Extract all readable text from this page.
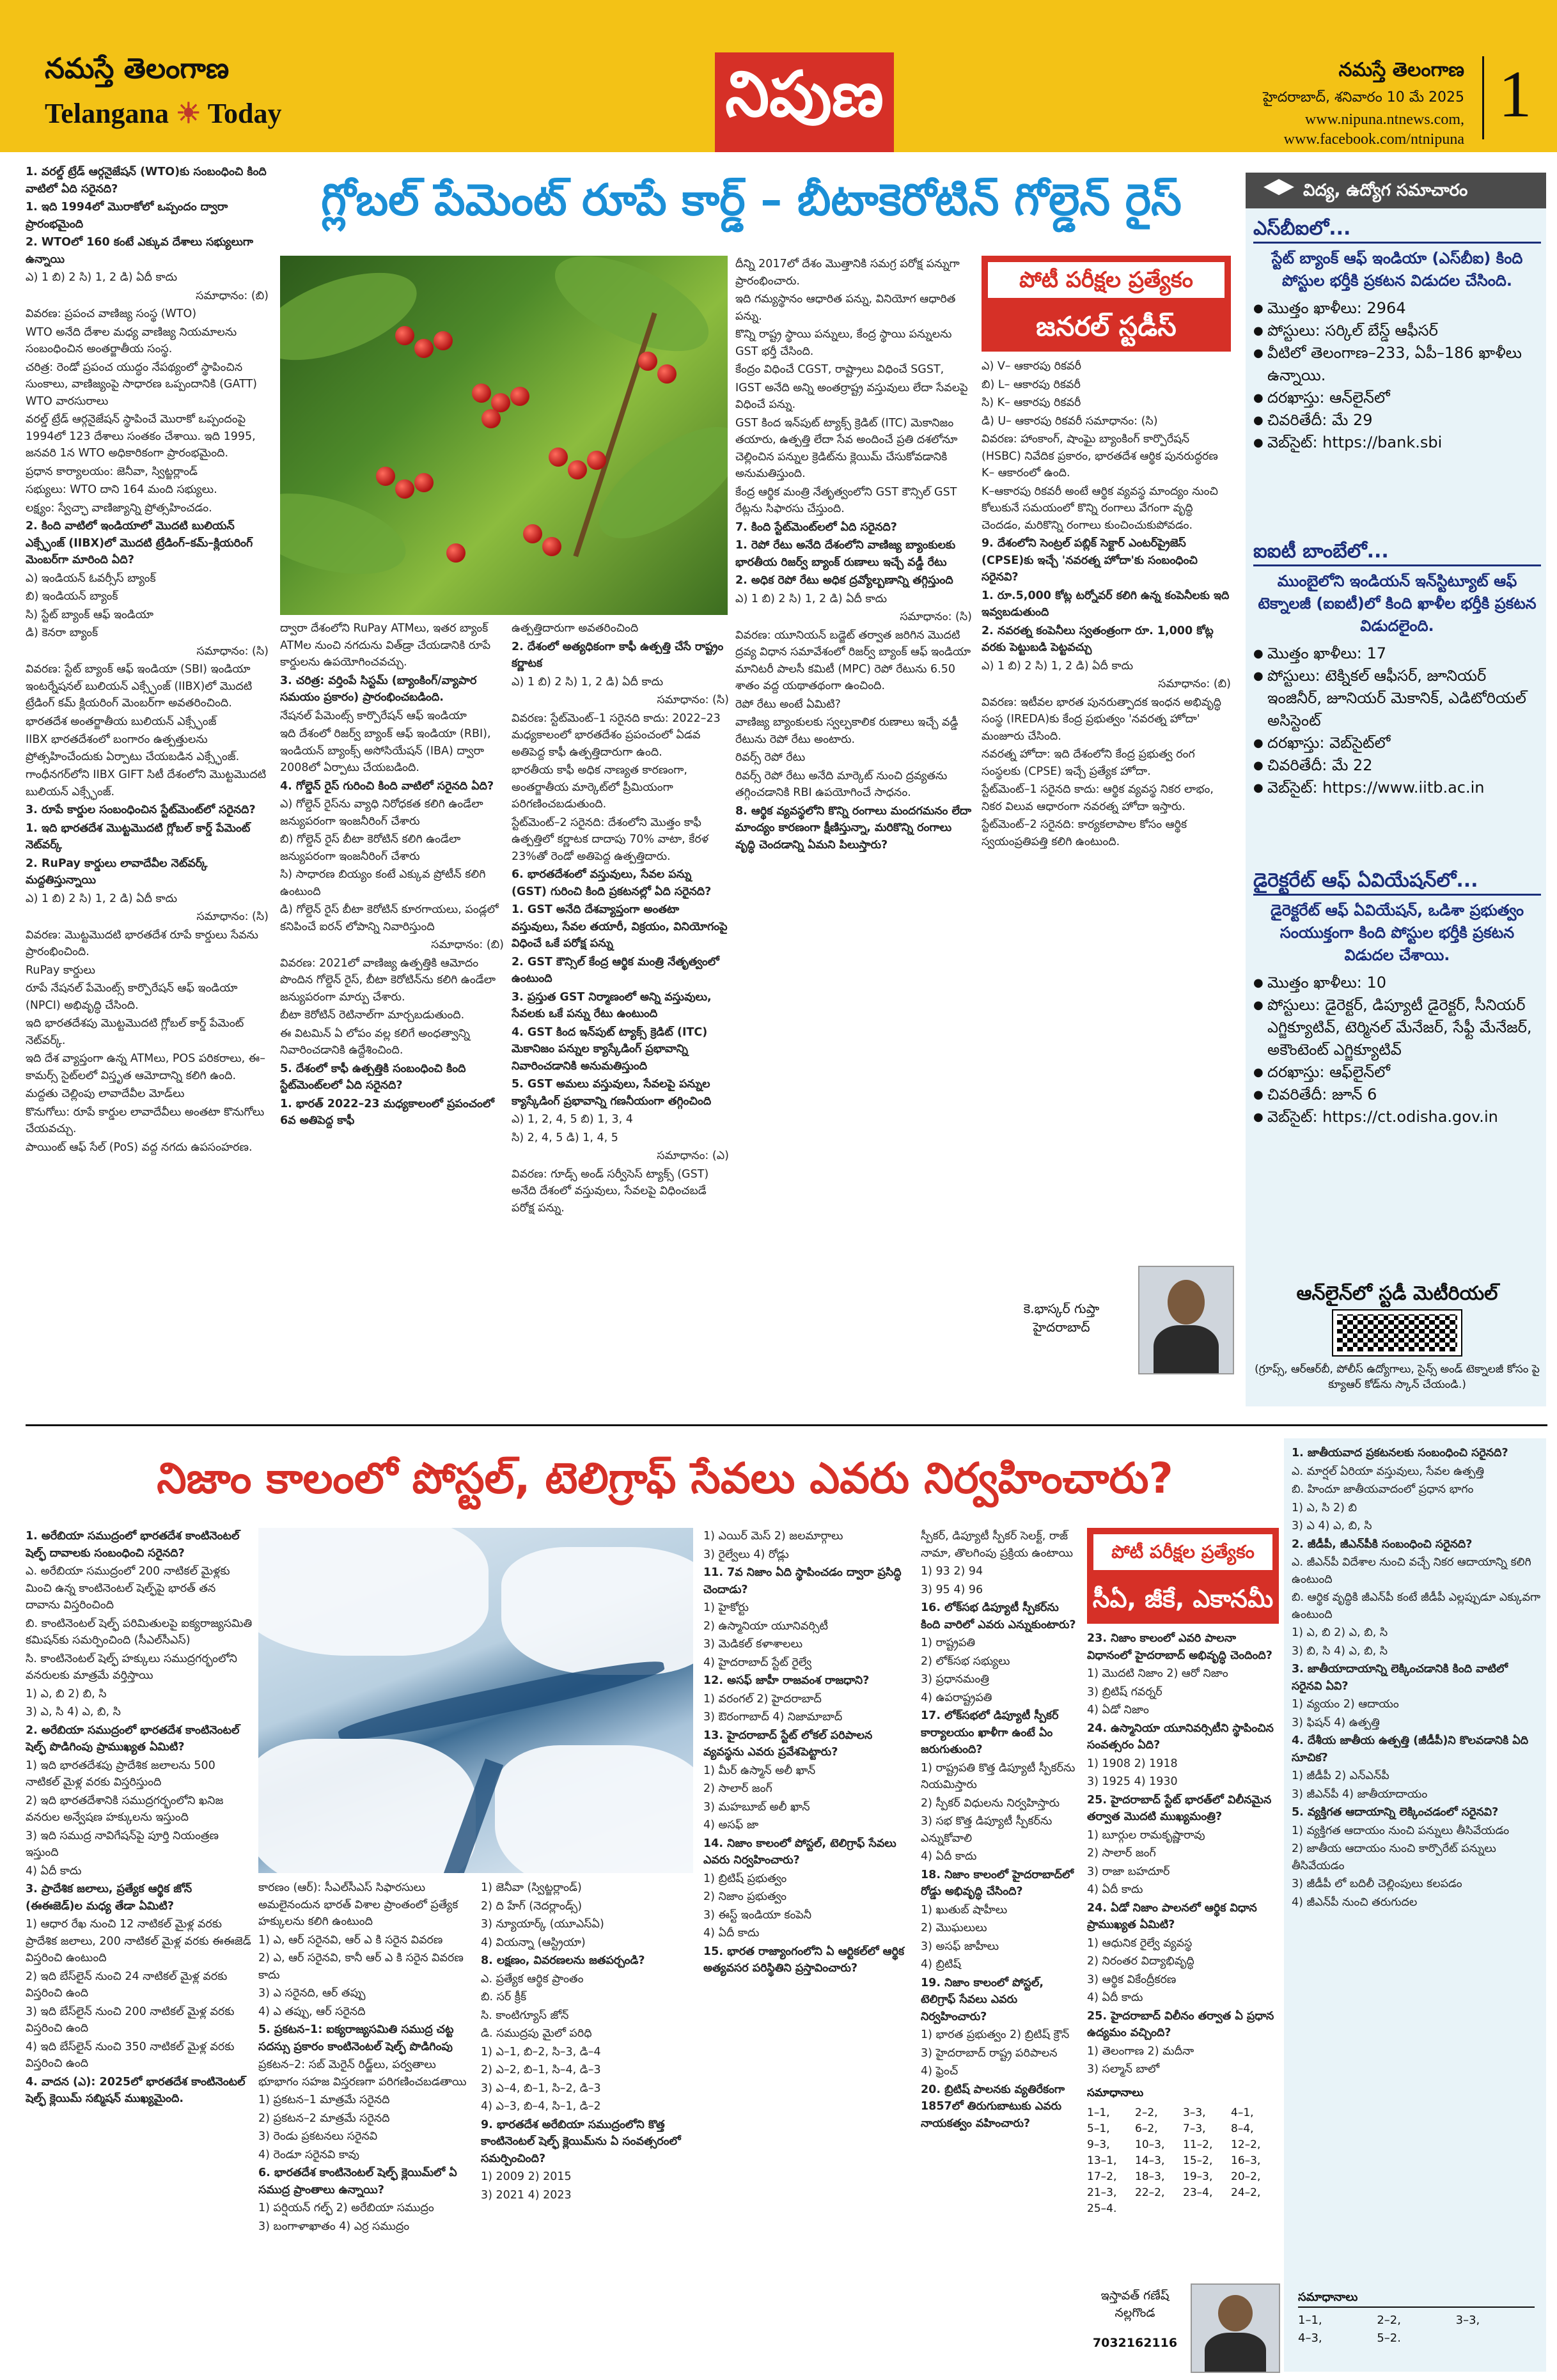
నమస్తే తెలంగాణ
Telangana ☀ Today	నిపుణ	నమస్తే తెలంగాణ
హైదరాబాద్, శనివారం 10 మే 2025
www.nipuna.ntnews.com,
www.facebook.com/ntnipuna
1
గ్లోబల్ పేమెంట్ రూపే కార్డ్ – బీటాకెరోటిన్ గోల్డెన్ రైస్

1. వరల్డ్ ట్రేడ్ ఆర్గనైజేషన్ (WTO)కు సంబంధించి కింది వాటిలో ఏది సరైనది?

1. ఇది 1994లో మొరాకోలో ఒప్పందం ద్వారా ప్రారంభమైంది

2. WTOలో 160 కంటే ఎక్కువ దేశాలు సభ్యులుగా ఉన్నాయి

ఎ) 1 బి) 2 సి) 1, 2 డి) ఏదీ కాదు

సమాధానం: (బి)

వివరణ: ప్రపంచ వాణిజ్య సంస్థ (WTO)

WTO అనేది దేశాల మధ్య వాణిజ్య నియమాలను సంబంధించిన అంతర్జాతీయ సంస్థ.

చరిత్ర: రెండో ప్రపంచ యుద్ధం నేపథ్యంలో స్థాపించిన సుంకాలు, వాణిజ్యంపై సాధారణ ఒప్పందానికి (GATT) WTO వారసురాలు

వరల్డ్ ట్రేడ్ ఆర్గనైజేషన్ స్థాపించే మొరాకో ఒప్పందంపై 1994లో 123 దేశాలు సంతకం చేశాయి. ఇది 1995, జనవరి 1న WTO అధికారికంగా ప్రారంభమైంది.

ప్రధాన కార్యాలయం: జెనీవా, స్విట్జర్లాండ్

సభ్యులు: WTO దాని 164 మంది సభ్యులు.

లక్ష్యం: స్వేచ్ఛా వాణిజ్యాన్ని ప్రోత్సహించడం.

2. కింది వాటిలో ఇండియాలో మొదటి బులియన్ ఎక్స్ఛేంజ్ (IIBX)లో మొదటి ట్రేడింగ్–కమ్–క్లియరింగ్ మెంబర్‌గా మారింది ఏది?

ఎ) ఇండియన్ ఓవర్సీస్ బ్యాంక్

బి) ఇండియన్ బ్యాంక్

సి) స్టేట్ బ్యాంక్ ఆఫ్ ఇండియా

డి) కెనరా బ్యాంక్

సమాధానం: (సి)

వివరణ: స్టేట్ బ్యాంక్ ఆఫ్ ఇండియా (SBI) ఇండియా ఇంటర్నేషనల్ బులియన్ ఎక్స్ఛేంజ్ (IIBX)లో మొదటి ట్రేడింగ్ కమ్ క్లియరింగ్ మెంబర్‌గా అవతరించింది.

భారతదేశ అంతర్జాతీయ బులియన్ ఎక్స్ఛేంజ్

IIBX భారతదేశంలో బంగారం ఉత్పత్తులను ప్రోత్సహించేందుకు ఏర్పాటు చేయబడిన ఎక్స్ఛేంజ్.

గాంధీనగర్‌లోని IIBX GIFT సిటీ దేశంలోని మొట్టమొదటి బులియన్ ఎక్స్ఛేంజ్.

3. రూపే కార్డుల సంబంధించిన స్టేట్‌మెంట్‌లో సరైనది?

1. ఇది భారతదేశ మొట్టమొదటి గ్లోబల్ కార్డ్ పేమెంట్ నెట్‌వర్క్

2. RuPay కార్డులు లావాదేవీల నెట్‌వర్క్ మద్దతిస్తున్నాయి

ఎ) 1 బి) 2 సి) 1, 2 డి) ఏదీ కాదు

సమాధానం: (సి)

వివరణ: మొట్టమొదటి భారతదేశ రూపే కార్డులు సేవను ప్రారంభించింది.

RuPay కార్డులు

రూపే నేషనల్ పేమెంట్స్ కార్పొరేషన్ ఆఫ్ ఇండియా (NPCI) అభివృద్ధి చేసింది.

ఇది భారతదేశపు మొట్టమొదటి గ్లోబల్ కార్డ్ పేమెంట్ నెట్‌వర్క్.

ఇది దేశ వ్యాప్తంగా ఉన్న ATMలు, POS పరికరాలు, ఈ–కామర్స్ సైట్‌లలో విస్తృత ఆమోదాన్ని కలిగి ఉంది.

మద్దతు చెల్లింపు లావాదేవీల మోడ్‌లు

కొనుగోలు: రూపే కార్డుల లావాదేవీలు అంతటా కొనుగోలు చేయవచ్చు.

పాయింట్ ఆఫ్ సేల్ (PoS) వద్ద నగదు ఉపసంహరణ.

ద్వారా దేశంలోని RuPay ATMలు, ఇతర బ్యాంక్ ATMల నుంచి నగదును విత్‌డ్రా చేయడానికి రూపే కార్డులను ఉపయోగించవచ్చు.

3. చరిత్ర: వర్తింపే సిస్టమ్ (బ్యాంకింగ్/వ్యాపార సమయం ప్రకారం) ప్రారంభించబడింది.

నేషనల్ పేమెంట్స్ కార్పొరేషన్ ఆఫ్ ఇండియా

ఇది దేశంలో రిజర్వ్ బ్యాంక్ ఆఫ్ ఇండియా (RBI), ఇండియన్ బ్యాంక్స్ అసోసియేషన్ (IBA) ద్వారా 2008లో ఏర్పాటు చేయబడింది.

4. గోల్డెన్ రైస్ గురించి కింది వాటిలో సరైనది ఏది?

ఎ) గోల్డెన్ రైస్‌ను వ్యాధి నిరోధకత కలిగి ఉండేలా జన్యుపరంగా ఇంజనీరింగ్ చేశారు

బి) గోల్డెన్ రైస్ బీటా కెరోటిన్ కలిగి ఉండేలా జన్యుపరంగా ఇంజనీరింగ్ చేశారు

సి) సాధారణ బియ్యం కంటే ఎక్కువ ప్రోటీన్ కలిగి ఉంటుంది

డి) గోల్డెన్ రైస్ బీటా కెరోటిన్ కూరగాయలు, పండ్లలో కనిపించే ఐరన్ లోపాన్ని నివారిస్తుంది

సమాధానం: (బి)

వివరణ: 2021లో వాణిజ్య ఉత్పత్తికి ఆమోదం పొందిన గోల్డెన్ రైస్, బీటా కెరోటిన్‌ను కలిగి ఉండేలా జన్యుపరంగా మార్పు చేశారు.

బీటా కెరోటిన్ రెటినాల్‌గా మార్చబడుతుంది.

ఈ విటమిన్ ఏ లోపం వల్ల కలిగే అంధత్వాన్ని నివారించడానికి ఉద్దేశించింది.

5. దేశంలో కాఫీ ఉత్పత్తికి సంబంధించి కింది స్టేట్‌మెంట్‌లలో ఏది సరైనది?

1. భారత్ 2022–23 మధ్యకాలంలో ప్రపంచంలో 6వ అతిపెద్ద కాఫీ

ఉత్పత్తిదారుగా అవతరించింది

2. దేశంలో అత్యధికంగా కాఫీ ఉత్పత్తి చేసే రాష్ట్రం కర్ణాటక

ఎ) 1 బి) 2 సి) 1, 2 డి) ఏదీ కాదు

సమాధానం: (సి)

వివరణ: స్టేట్‌మెంట్–1 సరైనది కాదు: 2022–23 మధ్యకాలంలో భారతదేశం ప్రపంచంలో ఏడవ అతిపెద్ద కాఫీ ఉత్పత్తిదారుగా ఉంది.

భారతీయ కాఫీ అధిక నాణ్యత కారణంగా, అంతర్జాతీయ మార్కెట్‌లో ప్రీమియంగా పరిగణించబడుతుంది.

స్టేట్‌మెంట్–2 సరైనది: దేశంలోని మొత్తం కాఫీ ఉత్పత్తిలో కర్ణాటక దాదాపు 70% వాటా, కేరళ 23%తో రెండో అతిపెద్ద ఉత్పత్తిదారు.

6. భారతదేశంలో వస్తువులు, సేవల పన్ను (GST) గురించి కింది ప్రకటనల్లో ఏది సరైనది?

1. GST అనేది దేశవ్యాప్తంగా అంతటా వస్తువులు, సేవల తయారీ, విక్రయం, వినియోగంపై విధించే ఒకే పరోక్ష పన్ను

2. GST కౌన్సిల్ కేంద్ర ఆర్థిక మంత్రి నేతృత్వంలో ఉంటుంది

3. ప్రస్తుత GST నిర్మాణంలో అన్ని వస్తువులు, సేవలకు ఒకే పన్ను రేటు ఉంటుంది

4. GST కింద ఇన్‌పుట్ ట్యాక్స్ క్రెడిట్ (ITC) మెకానిజం పన్నుల క్యాస్కేడింగ్ ప్రభావాన్ని నివారించడానికి అనుమతిస్తుంది

5. GST అమలు వస్తువులు, సేవలపై పన్నుల క్యాస్కేడింగ్ ప్రభావాన్ని గణనీయంగా తగ్గించింది

ఎ) 1, 2, 4, 5 బి) 1, 3, 4

సి) 2, 4, 5 డి) 1, 4, 5

సమాధానం: (ఎ)

వివరణ: గూడ్స్ అండ్ సర్వీసెస్ ట్యాక్స్ (GST) అనేది దేశంలో వస్తువులు, సేవలపై విధించబడే పరోక్ష పన్ను.

దీన్ని 2017లో దేశం మొత్తానికి సమగ్ర పరోక్ష పన్నుగా ప్రారంభించారు.

ఇది గమ్యస్థానం ఆధారిత పన్ను, వినియోగ ఆధారిత పన్ను.

కొన్ని రాష్ట్ర స్థాయి పన్నులు, కేంద్ర స్థాయి పన్నులను GST భర్తీ చేసింది.

కేంద్రం విధించే CGST, రాష్ట్రాలు విధించే SGST,

IGST అనేది అన్ని అంతర్రాష్ట్ర వస్తువులు లేదా సేవలపై విధించే పన్ను.

GST కింద ఇన్‌పుట్ ట్యాక్స్ క్రెడిట్ (ITC) మెకానిజం తయారు, ఉత్పత్తి లేదా సేవ అందించే ప్రతి దశలోనూ చెల్లించిన పన్నుల క్రెడిట్‌ను క్లెయిమ్ చేసుకోవడానికి అనుమతిస్తుంది.

కేంద్ర ఆర్థిక మంత్రి నేతృత్వంలోని GST కౌన్సిల్ GST రేట్లను సిఫారసు చేస్తుంది.

7. కింది స్టేట్‌మెంట్‌లలో ఏది సరైనది?

1. రెపో రేటు అనేది దేశంలోని వాణిజ్య బ్యాంకులకు భారతీయ రిజర్వ్ బ్యాంక్ రుణాలు ఇచ్చే వడ్డీ రేటు

2. అధిక రెపో రేటు అధిక ద్రవ్యోల్బణాన్ని తగ్గిస్తుంది

ఎ) 1 బి) 2 సి) 1, 2 డి) ఏదీ కాదు

సమాధానం: (సి)

వివరణ: యూనియన్ బడ్జెట్ తర్వాత జరిగిన మొదటి ద్రవ్య విధాన సమావేశంలో రిజర్వ్ బ్యాంక్ ఆఫ్ ఇండియా మానిటరీ పాలసీ కమిటీ (MPC) రెపో రేటును 6.50 శాతం వద్ద యథాతథంగా ఉంచింది.

రెపో రేటు అంటే ఏమిటి?

వాణిజ్య బ్యాంకులకు స్వల్పకాలిక రుణాలు ఇచ్చే వడ్డీ రేటును రెపో రేటు అంటారు.

రివర్స్ రెపో రేటు

రివర్స్ రెపో రేటు అనేది మార్కెట్ నుంచి ద్రవ్యతను తగ్గించడానికి RBI ఉపయోగించే సాధనం.

8. ఆర్థిక వ్యవస్థలోని కొన్ని రంగాలు మందగమనం లేదా మాంద్యం కారణంగా క్షీణిస్తున్నా, మరికొన్ని రంగాలు వృద్ధి చెందడాన్ని ఏమని పిలుస్తారు?

పోటీ పరీక్షల ప్రత్యేకం
జనరల్ స్టడీస్

ఎ) V– ఆకారపు రికవరీ

బి) L– ఆకారపు రికవరీ

సి) K– ఆకారపు రికవరీ

డి) U– ఆకారపు రికవరీ సమాధానం: (సి)

వివరణ: హాంకాంగ్, షాంఘై బ్యాంకింగ్ కార్పొరేషన్ (HSBC) నివేదిక ప్రకారం, భారతదేశ ఆర్థిక పునరుద్ధరణ K– ఆకారంలో ఉంది.

K–ఆకారపు రికవరీ అంటే ఆర్థిక వ్యవస్థ మాంద్యం నుంచి కోలుకునే సమయంలో కొన్ని రంగాలు వేగంగా వృద్ధి చెందడం, మరికొన్ని రంగాలు కుంచించుకుపోవడం.

9. దేశంలోని సెంట్రల్ పబ్లిక్ సెక్టార్ ఎంటర్‌ప్రైజెస్ (CPSE)కు ఇచ్చే 'నవరత్న హోదా'కు సంబంధించి సరైనవి?

1. రూ.5,000 కోట్ల టర్నోవర్ కలిగి ఉన్న కంపెనీలకు ఇది ఇవ్వబడుతుంది

2. నవరత్న కంపెనీలు స్వతంత్రంగా రూ. 1,000 కోట్ల వరకు పెట్టుబడి పెట్టవచ్చు

ఎ) 1 బి) 2 సి) 1, 2 డి) ఏదీ కాదు

సమాధానం: (బి)

వివరణ: ఇటీవల భారత పునరుత్పాదక ఇంధన అభివృద్ధి సంస్థ (IREDA)కు కేంద్ర ప్రభుత్వం 'నవరత్న హోదా' మంజూరు చేసింది.

నవరత్న హోదా: ఇది దేశంలోని కేంద్ర ప్రభుత్వ రంగ సంస్థలకు (CPSE) ఇచ్చే ప్రత్యేక హోదా.

స్టేట్‌మెంట్–1 సరైనది కాదు: ఆర్థిక వ్యవస్థ నికర లాభం, నికర విలువ ఆధారంగా నవరత్న హోదా ఇస్తారు.

స్టేట్‌మెంట్–2 సరైనది: కార్యకలాపాల కోసం ఆర్థిక స్వయంప్రతిపత్తి కలిగి ఉంటుంది.

కె.భాస్కర్ గుప్తా
హైదరాబాద్
విద్య, ఉద్యోగ సమాచారం
ఎస్‌బీఐలో...
స్టేట్ బ్యాంక్ ఆఫ్ ఇండియా (ఎస్‌బీఐ) కింది పోస్టుల భర్తీకి ప్రకటన విడుదల చేసింది.
● మొత్తం ఖాళీలు: 2964
● పోస్టులు: సర్కిల్ బేస్డ్ ఆఫీసర్
● వీటిలో తెలంగాణ–233, ఏపీ–186 ఖాళీలు ఉన్నాయి.
● దరఖాస్తు: ఆన్‌లైన్‌లో
● చివరితేదీ: మే 29
● వెబ్‌సైట్: https://bank.sbi
ఐఐటీ బాంబేలో...
ముంబైలోని ఇండియన్ ఇన్‌స్టిట్యూట్ ఆఫ్ టెక్నాలజీ (ఐఐటీ)లో కింది ఖాళీల భర్తీకి ప్రకటన విడుదలైంది.
● మొత్తం ఖాళీలు: 17
● పోస్టులు: టెక్నికల్ ఆఫీసర్, జూనియర్ ఇంజినీర్, జూనియర్ మెకానిక్, ఎడిటోరియల్ అసిస్టెంట్
● దరఖాస్తు: వెబ్‌సైట్‌లో
● చివరితేదీ: మే 22
● వెబ్‌సైట్: https://www.iitb.ac.in
డైరెక్టరేట్ ఆఫ్ ఏవియేషన్‌లో...
డైరెక్టరేట్ ఆఫ్ ఏవియేషన్, ఒడిశా ప్రభుత్వం సంయుక్తంగా కింది పోస్టుల భర్తీకి ప్రకటన విడుదల చేశాయి.
● మొత్తం ఖాళీలు: 10
● పోస్టులు: డైరెక్టర్, డిప్యూటీ డైరెక్టర్, సీనియర్ ఎగ్జిక్యూటివ్, టెర్మినల్ మేనేజర్, సేఫ్టీ మేనేజర్, అకౌంటెంట్ ఎగ్జిక్యూటివ్
● దరఖాస్తు: ఆఫ్‌లైన్‌లో
● చివరితేదీ: జూన్ 6
● వెబ్‌సైట్: https://ct.odisha.gov.in
ఆన్‌లైన్‌లో స్టడీ మెటీరియల్
(గ్రూప్స్, ఆర్‌ఆర్‌బీ, పోలీస్ ఉద్యోగాలు, సైన్స్ అండ్ టెక్నాలజీ కోసం పై క్యూఆర్ కోడ్‌ను స్కాన్ చేయండి.)
నిజాం కాలంలో పోస్టల్, టెలిగ్రాఫ్ సేవలు ఎవరు నిర్వహించారు?

1. అరేబియా సముద్రంలో భారతదేశ కాంటినెంటల్ షెల్ఫ్ దావాలకు సంబంధించి సరైనది?

ఎ. అరేబియా సముద్రంలో 200 నాటికల్ మైళ్లకు మించి ఉన్న కాంటినెంటల్ షెల్ఫ్‌పై భారత్ తన దావాను విస్తరించింది

బి. కాంటినెంటల్ షెల్ఫ్ పరిమితులపై ఐక్యరాజ్యసమితి కమిషన్‌కు సమర్పించింది (సీఎల్‌సీఎస్)

సి. కాంటినెంటల్ షెల్ఫ్ హక్కులు సముద్రగర్భంలోని వనరులకు మాత్రమే వర్తిస్తాయి

1) ఎ, బి 2) బి, సి

3) ఎ, సి 4) ఎ, బి, సి

2. అరేబియా సముద్రంలో భారతదేశ కాంటినెంటల్ షెల్ఫ్ పొడిగింపు ప్రాముఖ్యత ఏమిటి?

1) ఇది భారతదేశపు ప్రాదేశిక జలాలను 500 నాటికల్ మైళ్ల వరకు విస్తరిస్తుంది

2) ఇది భారతదేశానికి సముద్రగర్భంలోని ఖనిజ వనరుల అన్వేషణ హక్కులను ఇస్తుంది

3) ఇది సముద్ర నావిగేషన్‌పై పూర్తి నియంత్రణ ఇస్తుంది

4) ఏదీ కాదు

3. ప్రాదేశిక జలాలు, ప్రత్యేక ఆర్థిక జోన్ (ఈఈజెడ్)ల మధ్య తేడా ఏమిటి?

1) ఆధార రేఖ నుంచి 12 నాటికల్ మైళ్ల వరకు ప్రాదేశిక జలాలు, 200 నాటికల్ మైళ్ల వరకు ఈఈజెడ్ విస్తరించి ఉంటుంది

2) ఇది బేస్‌లైన్ నుంచి 24 నాటికల్ మైళ్ల వరకు విస్తరించి ఉంది

3) ఇది బేస్‌లైన్ నుంచి 200 నాటికల్ మైళ్ల వరకు విస్తరించి ఉంది

4) ఇది బేస్‌లైన్ నుంచి 350 నాటికల్ మైళ్ల వరకు విస్తరించి ఉంది

4. వాదన (ఎ): 2025లో భారతదేశ కాంటినెంటల్ షెల్ఫ్ క్లెయిమ్ సబ్మిషన్ ముఖ్యమైంది.

కారణం (ఆర్): సీఎల్‌సీఎస్ సిఫారసులు అమలైనందున భారత్ విశాల ప్రాంతంలో ప్రత్యేక హక్కులను కలిగి ఉంటుంది

1) ఎ, ఆర్ సరైనవి, ఆర్ ఎ కి సరైన వివరణ

2) ఎ, ఆర్ సరైనవి, కానీ ఆర్ ఎ కి సరైన వివరణ కాదు

3) ఎ సరైనది, ఆర్ తప్పు

4) ఎ తప్పు, ఆర్ సరైనది

5. ప్రకటన–1: ఐక్యరాజ్యసమితి సముద్ర చట్ట సదస్సు ప్రకారం కాంటినెంటల్ షెల్ఫ్ పొడిగింపు

ప్రకటన–2: సబ్ మెరైన్ రిడ్జ్‌లు, పర్వతాలు భూభాగం సహజ విస్తరణగా పరిగణించబడతాయి

1) ప్రకటన–1 మాత్రమే సరైనది

2) ప్రకటన–2 మాత్రమే సరైనది

3) రెండు ప్రకటనలు సరైనవి

4) రెండూ సరైనవి కావు

6. భారతదేశ కాంటినెంటల్ షెల్ఫ్ క్లెయిమ్‌లో ఏ సముద్ర ప్రాంతాలు ఉన్నాయి?

1) పర్షియన్ గల్ఫ్ 2) అరేబియా సముద్రం

3) బంగాళాఖాతం 4) ఎర్ర సముద్రం

1) జెనీవా (స్విట్జర్లాండ్)

2) ది హేగ్ (నెదర్లాండ్స్)

3) న్యూయార్క్ (యూఎస్ఏ)

4) వియన్నా (ఆస్ట్రియా)

8. లక్షణం, వివరణలను జతపర్చండి?

ఎ. ప్రత్యేక ఆర్థిక ప్రాంతం

బి. సర్ క్రీక్

సి. కాంటిగ్యూస్ జోన్

డి. సముద్రపు మైలో పరిధి

1) ఎ–1, బి–2, సి–3, డి–4

2) ఎ–2, బి–1, సి–4, డి–3

3) ఎ–4, బి–1, సి–2, డి–3

4) ఎ–3, బి–4, సి–1, డి–2

9. భారతదేశ అరేబియా సముద్రంలోని కొత్త కాంటినెంటల్ షెల్ఫ్ క్లెయిమ్‌ను ఏ సంవత్సరంలో సమర్పించింది?

1) 2009 2) 2015

3) 2021 4) 2023

1) ఎయిర్ మెస్ 2) జలమార్గాలు

3) రైల్వేలు 4) రోడ్లు

11. 7వ నిజాం ఏది స్థాపించడం ద్వారా ప్రసిద్ధి చెందాడు?

1) హైకోర్టు

2) ఉస్మానియా యూనివర్సిటీ

3) మెడికల్ కళాశాలలు

4) హైదరాబాద్ స్టేట్ రైల్వే

12. అసఫ్ జాహీ రాజవంశ రాజధాని?

1) వరంగల్ 2) హైదరాబాద్

3) ఔరంగాబాద్ 4) నిజామాబాద్

13. హైదరాబాద్ స్టేట్ లోకల్ పరిపాలన వ్యవస్థను ఎవరు ప్రవేశపెట్టారు?

1) మీర్ ఉస్మాన్ అలీ ఖాన్

2) సాలార్ జంగ్

3) మహబూబ్ అలీ ఖాన్

4) అసఫ్ జా

14. నిజాం కాలంలో పోస్టల్, టెలిగ్రాఫ్ సేవలు ఎవరు నిర్వహించారు?

1) బ్రిటిష్ ప్రభుత్వం

2) నిజాం ప్రభుత్వం

3) ఈస్ట్ ఇండియా కంపెనీ

4) ఏదీ కాదు

15. భారత రాజ్యాంగంలోని ఏ ఆర్టికల్‌లో ఆర్థిక అత్యవసర పరిస్థితిని ప్రస్తావించారు?

స్పీకర్, డిప్యూటీ స్పీకర్ సెలక్ట్, రాజ్ నామా, తొలగింపు ప్రక్రియ ఉంటాయి

1) 93 2) 94

3) 95 4) 96

16. లోక్‌సభ డిప్యూటీ స్పీకర్‌ను కింది వారిలో ఎవరు ఎన్నుకుంటారు?

1) రాష్ట్రపతి

2) లోక్‌సభ సభ్యులు

3) ప్రధానమంత్రి

4) ఉపరాష్ట్రపతి

17. లోక్‌సభలో డిప్యూటీ స్పీకర్ కార్యాలయం ఖాళీగా ఉంటే ఏం జరుగుతుంది?

1) రాష్ట్రపతి కొత్త డిప్యూటీ స్పీకర్‌ను నియమిస్తారు

2) స్పీకర్ విధులను నిర్వహిస్తారు

3) సభ కొత్త డిప్యూటీ స్పీకర్‌ను ఎన్నుకోవాలి

4) ఏదీ కాదు

18. నిజాం కాలంలో హైదరాబాద్‌లో రోడ్డు అభివృద్ధి చేసింది?

1) ఖుతుబ్ షాహీలు

2) మొఘలులు

3) అసఫ్ జాహీలు

4) బ్రిటిష్

19. నిజాం కాలంలో పోస్టల్, టెలిగ్రాఫ్ సేవలు ఎవరు నిర్వహించారు?

1) భారత ప్రభుత్వం 2) బ్రిటిష్ క్రౌన్

3) హైదరాబాద్ రాష్ట్ర పరిపాలన

4) ఫ్రెంచ్

20. బ్రిటిష్ పాలనకు వ్యతిరేకంగా 1857లో తిరుగుబాటుకు ఎవరు నాయకత్వం వహించారు?

పోటీ పరీక్షల ప్రత్యేకం
సీఏ, జీకే, ఎకానమీ

23. నిజాం కాలంలో ఎవరి పాలనా విధానంలో హైదరాబాద్ అభివృద్ధి చెందింది?

1) మొదటి నిజాం 2) ఆరో నిజాం

3) బ్రిటిష్ గవర్నర్

4) ఏడో నిజాం

24. ఉస్మానియా యూనివర్సిటీని స్థాపించిన సంవత్సరం ఏది?

1) 1908 2) 1918

3) 1925 4) 1930

25. హైదరాబాద్ స్టేట్ భారత్‌లో విలీనమైన తర్వాత మొదటి ముఖ్యమంత్రి?

1) బూర్గుల రామకృష్ణారావు

2) సాలార్ జంగ్

3) రాజా బహదూర్

4) ఏదీ కాదు

24. ఏడో నిజాం పాలనలో ఆర్థిక విధాన ప్రాముఖ్యత ఏమిటి?

1) ఆధునిక రైల్వే వ్యవస్థ

2) నిరంతర విద్యాభివృద్ధి

3) ఆర్థిక వికేంద్రీకరణ

4) ఏదీ కాదు

25. హైదరాబాద్ విలీనం తర్వాత ఏ ప్రధాన ఉద్యమం వచ్చింది?

1) తెలంగాణ 2) మదీనా

3) సల్మాన్ బాలో

సమాధానాలు
1–1,	2–2,	3–3,	4–1,
5–1,	6–2,	7–3,	8–4,
9–3,	10–3,	11–2,	12–2,
13–1,	14–3,	15–2,	16–3,
17–2,	18–3,	19–3,	20–2,
21–3,	22–2,	23–4,	24–2,
25–4.
ఇస్తావత్ గణేష్
నల్లగొండ
7032162116

1. జాతీయవాద ప్రకటనలకు సంబంధించి సరైనది?

ఎ. మార్షల్ ఏరియా వస్తువులు, సేవల ఉత్పత్తి

బి. హిందూ జాతీయవాదంలో ప్రధాన భాగం

1) ఎ, సి 2) బి

3) ఎ 4) ఎ, బి, సి

2. జీడీపీ, జీఎన్‌పీకి సంబంధించి సరైనది?

ఎ. జీఎన్‌పీ విదేశాల నుంచి వచ్చే నికర ఆదాయాన్ని కలిగి ఉంటుంది

బి. ఆర్థిక వృద్ధికి జీఎన్‌పీ కంటే జీడీపీ ఎల్లప్పుడూ ఎక్కువగా ఉంటుంది

1) ఎ, బి 2) ఎ, బి, సి

3) బి, సి 4) ఎ, బి, సి

3. జాతీయాదాయాన్ని లెక్కించడానికి కింది వాటిలో సరైనవి ఏవి?

1) వ్యయం 2) ఆదాయం

3) ఫిషన్ 4) ఉత్పత్తి

4. దేశీయ జాతీయ ఉత్పత్తి (జీడీపీ)ని కొలవడానికి ఏది సూచిక?

1) జీడీపీ 2) ఎన్‌ఎన్‌పీ

3) జీఎన్‌పీ 4) జాతీయాదాయం

5. వ్యక్తిగత ఆదాయాన్ని లెక్కించడంలో సరైనవి?

1) వ్యక్తిగత ఆదాయం నుంచి పన్నులు తీసివేయడం

2) జాతీయ ఆదాయం నుంచి కార్పొరేట్ పన్నులు తీసివేయడం

3) జీడీపీ లో బదిలీ చెల్లింపులు కలపడం

4) జీఎన్‌పీ నుంచి తరుగుదల

సమాధానాలు
1–1,	2–2,	3–3,
4–3,	5–2.
